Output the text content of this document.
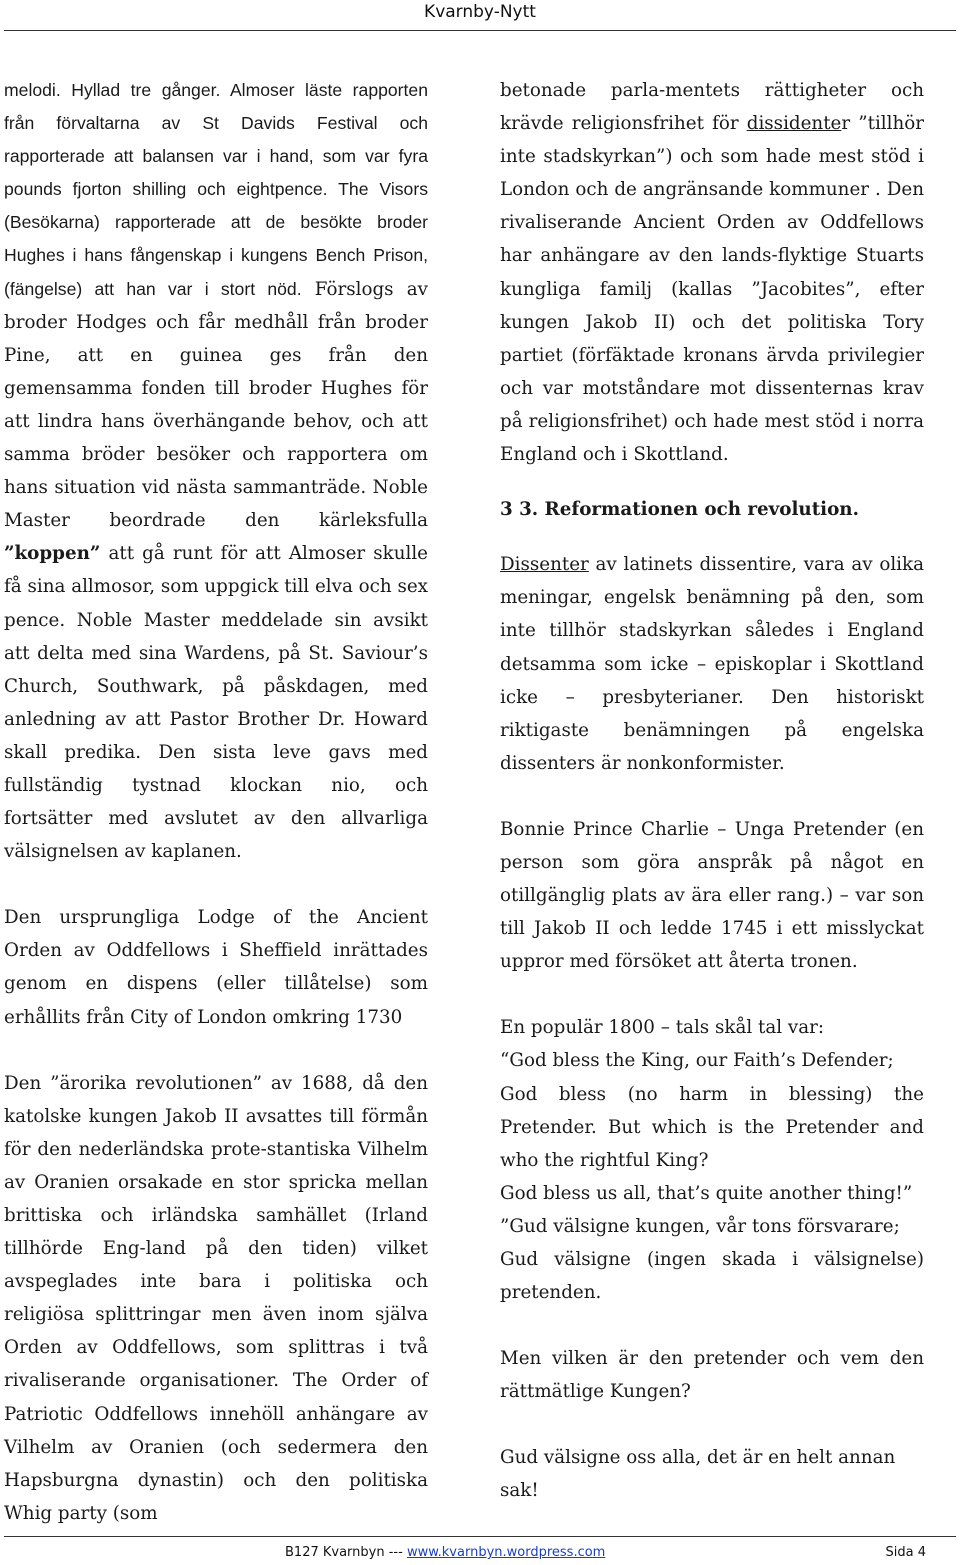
Kvarnby-Nytt

melodi. Hyllad tre gånger. Almoser läste rapporten från förvaltarna av St Davids Festival och rapporterade att balansen var i hand, som var fyra pounds fjorton shilling och eightpence. The Visors (Besökarna) rapporterade att de besökte broder Hughes i hans fångenskap i kungens Bench Prison, (fängelse) att han var i stort nöd. Förslogs av broder Hodges och får medhåll från broder Pine, att en guinea ges från den gemensamma fonden till broder Hughes för att lindra hans överhängande behov, och att samma bröder besöker och rapportera om hans situation vid nästa sammanträde. Noble Master beordrade den kärleksfulla ”koppen” att gå runt för att Almoser skulle få sina allmosor, som uppgick till elva och sex pence. Noble Master meddelade sin avsikt att delta med sina Wardens, på St. Saviour’s Church, Southwark, på påskdagen, med anledning av att Pastor Brother Dr. Howard skall predika. Den sista leve gavs med fullständig tystnad klockan nio, och fortsätter med avslutet av den allvarliga välsignelsen av kaplanen.

Den ursprungliga Lodge of the Ancient Orden av Oddfellows i Sheffield inrättades genom en dispens (eller tillåtelse) som erhållits från City of London omkring 1730

Den ”ärorika revolutionen” av 1688, då den katolske kungen Jakob II avsattes till förmån för den nederländska prote-stantiska Vilhelm av Oranien orsakade en stor spricka mellan brittiska och irländska samhället (Irland tillhörde Eng-land på den tiden) vilket avspeglades inte bara i politiska och religiösa splittringar men även inom själva Orden av Oddfellows, som splittras i två rivaliserande organisationer. The Order of Patriotic Oddfellows innehöll anhängare av Vilhelm av Oranien (och sedermera den Hapsburgna dynastin) och den politiska Whig party (som

betonade parla-mentets rättigheter och krävde religionsfrihet för dissidenter ”tillhör inte stadskyrkan”) och som hade mest stöd i London och de angränsande kommuner . Den rivaliserande Ancient Orden av Oddfellows har anhängare av den lands-flyktige Stuarts kungliga familj (kallas ”Jacobites”, efter kungen Jakob II) och det politiska Tory partiet (förfäktade kronans ärvda privilegier och var motståndare mot dissenternas krav på religionsfrihet) och hade mest stöd i norra England och i Skottland.

3 3. Reformationen och revolution.

Dissenter av latinets dissentire, vara av olika meningar, engelsk benämning på den, som inte tillhör stadskyrkan således i England detsamma som icke – episkoplar i Skottland icke – presbyterianer. Den historiskt riktigaste benämningen på engelska dissenters är nonkonformister.

Bonnie Prince Charlie – Unga Pretender (en person som göra anspråk på något en otillgänglig plats av ära eller rang.) – var son till Jakob II och ledde 1745 i ett misslyckat uppror med försöket att återta tronen.

En populär 1800 – tals skål tal var:

“God bless the King, our Faith’s Defender;

God bless (no harm in blessing) the Pretender. But which is the Pretender and who the rightful King?

God bless us all, that’s quite another thing!”

”Gud välsigne kungen, vår tons försvarare;

Gud välsigne (ingen skada i välsignelse) pretenden.

Men vilken är den pretender och vem den rättmätlige Kungen?

Gud välsigne oss alla, det är en helt annan sak!

B127 Kvarnbyn --- www.kvarnbyn.wordpress.com	Sida 4
